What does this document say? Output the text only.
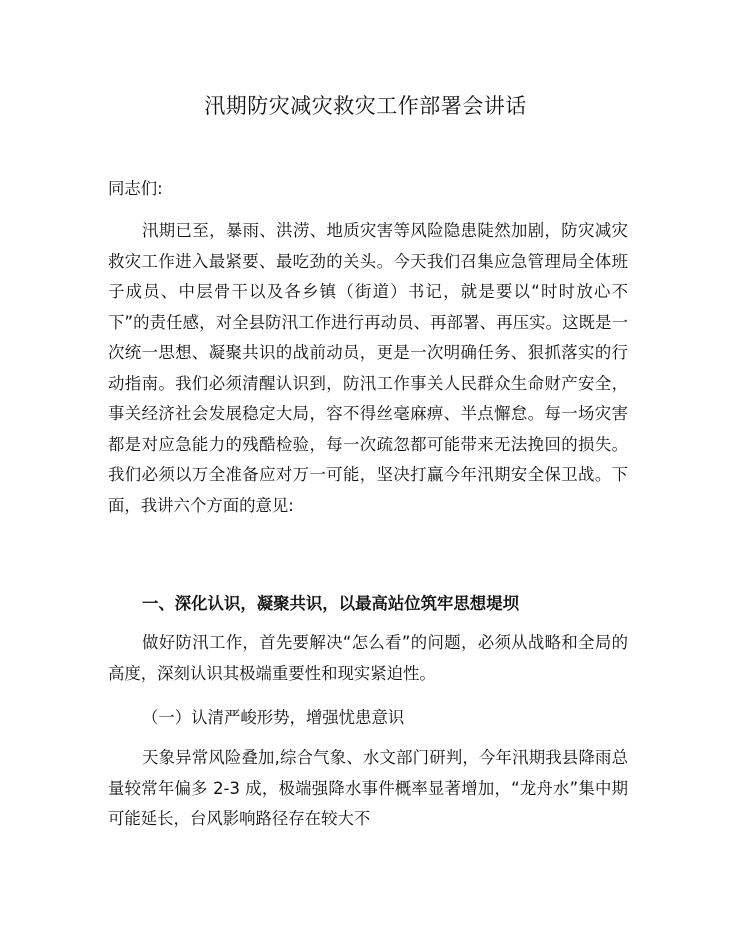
汛期防灾减灾救灾工作部署会讲话
同志们:
汛期已至，暴雨、洪涝、地质灾害等风险隐患陡然加剧，防灾减灾救灾工作进入最紧要、最吃劲的关头。今天我们召集应急管理局全体班子成员、中层骨干以及各乡镇（街道）书记，就是要以“时时放心不下”的责任感，对全县防汛工作进行再动员、再部署、再压实。这既是一次统一思想、凝聚共识的战前动员，更是一次明确任务、狠抓落实的行动指南。我们必须清醒认识到，防汛工作事关人民群众生命财产安全，事关经济社会发展稳定大局，容不得丝毫麻痹、半点懈怠。每一场灾害都是对应急能力的残酷检验，每一次疏忽都可能带来无法挽回的损失。我们必须以万全准备应对万一可能，坚决打赢今年汛期安全保卫战。下面，我讲六个方面的意见:
一、深化认识，凝聚共识，以最高站位筑牢思想堤坝
做好防汛工作，首先要解决“怎么看”的问题，必须从战略和全局的高度，深刻认识其极端重要性和现实紧迫性。
（一）认清严峻形势，增强忧患意识
天象异常风险叠加,综合气象、水文部门研判，今年汛期我县降雨总量较常年偏多 2-3 成，极端强降水事件概率显著增加，“龙舟水”集中期可能延长，台风影响路径存在较大不
